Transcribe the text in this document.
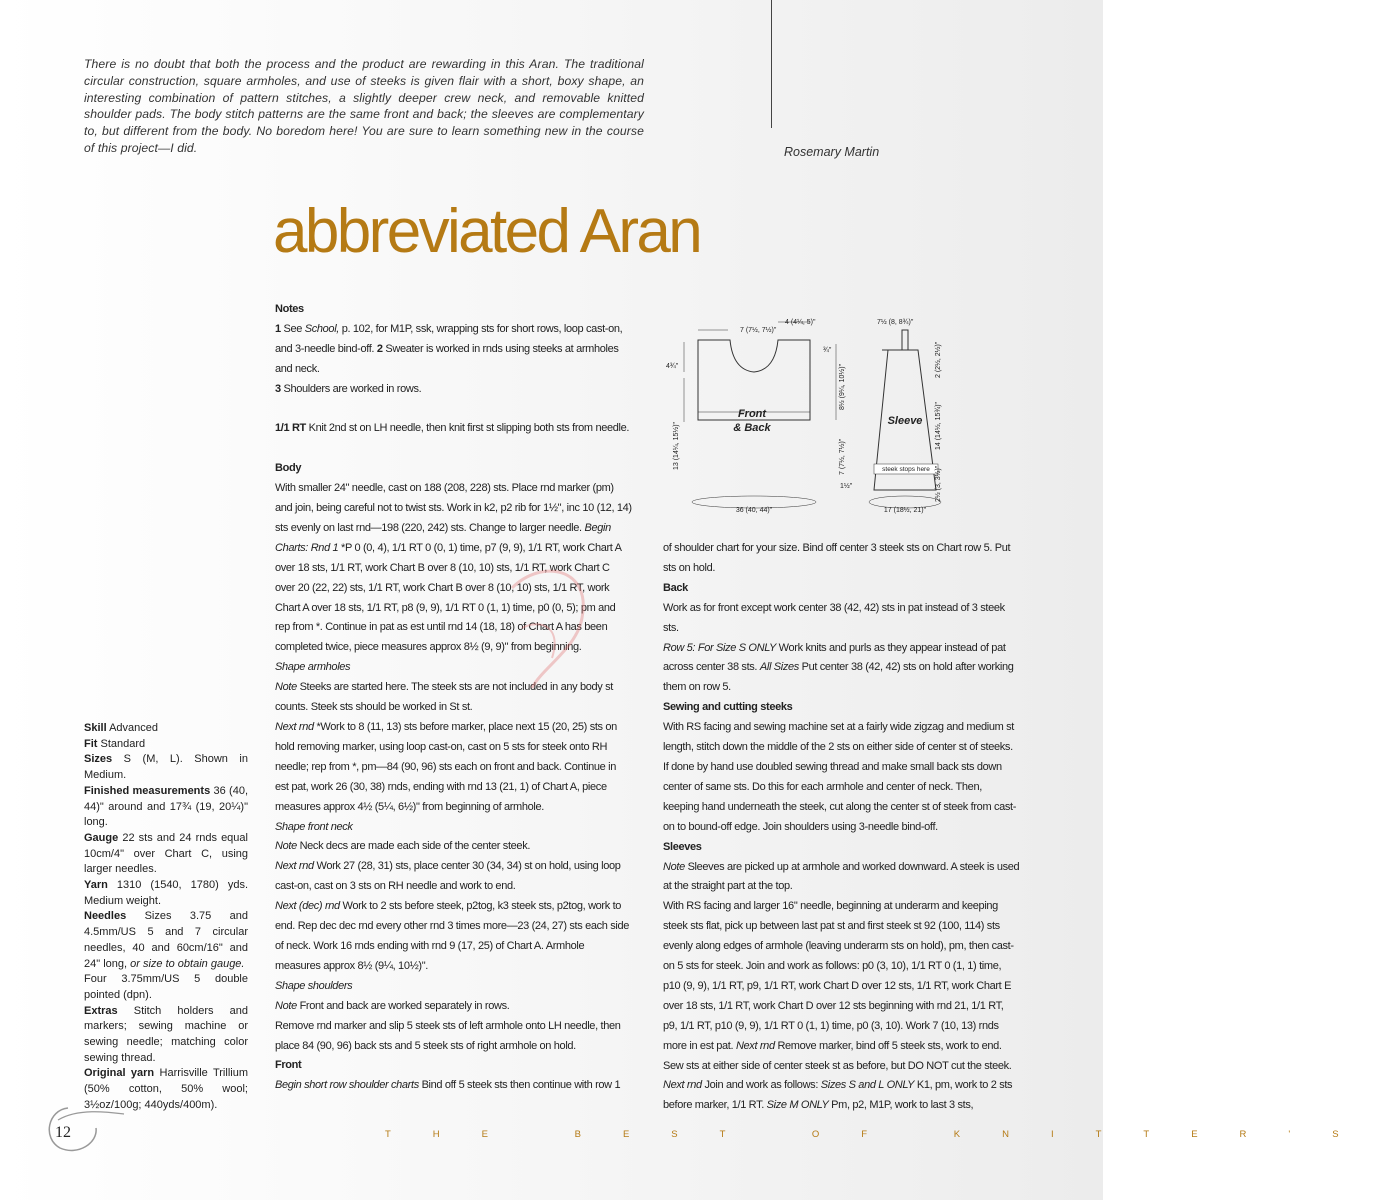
There is no doubt that both the process and the product are rewarding in this Aran. The traditional circular construction, square armholes, and use of steeks is given flair with a short, boxy shape, an interesting combination of pattern stitches, a slightly deeper crew neck, and removable knitted shoulder pads. The body stitch patterns are the same front and back; the sleeves are complementary to, but different from the body. No boredom here! You are sure to learn something new in the course of this project—I did.	Rosemary Martin
abbreviated Aran
Skill Advanced
Fit Standard
Sizes S (M, L). Shown in Medium.
Finished measurements 36 (40, 44)" around and 17¾ (19, 20¼)" long.
Gauge 22 sts and 24 rnds equal 10cm/4" over Chart C, using larger needles.
Yarn 1310 (1540, 1780) yds. Medium weight.
Needles Sizes 3.75 and 4.5mm/US 5 and 7 circular needles, 40 and 60cm/16" and 24" long, or size to obtain gauge.
Four 3.75mm/US 5 double pointed (dpn).
Extras Stitch holders and markers; sewing machine or sewing needle; matching color sewing thread.
Original yarn Harrisville Trillium (50% cotton, 50% wool; 3½oz/100g; 440yds/400m).

Notes

1 See School, p. 102, for M1P, ssk, wrapping sts for short rows, loop cast-on, and 3-needle bind-off. 2 Sweater is worked in rnds using steeks at armholes and neck.
3 Shoulders are worked in rows.

1/1 RT Knit 2nd st on LH needle, then knit first st slipping both sts from needle.

Body

With smaller 24" needle, cast on 188 (208, 228) sts. Place rnd marker (pm) and join, being careful not to twist sts. Work in k2, p2 rib for 1½", inc 10 (12, 14) sts evenly on last rnd—198 (220, 242) sts. Change to larger needle. Begin Charts: Rnd 1 *P 0 (0, 4), 1/1 RT 0 (0, 1) time, p7 (9, 9), 1/1 RT, work Chart A over 18 sts, 1/1 RT, work Chart B over 8 (10, 10) sts, 1/1 RT, work Chart C over 20 (22, 22) sts, 1/1 RT, work Chart B over 8 (10, 10) sts, 1/1 RT, work Chart A over 18 sts, 1/1 RT, p8 (9, 9), 1/1 RT 0 (1, 1) time, p0 (0, 5); pm and rep from *. Continue in pat as est until rnd 14 (18, 18) of Chart A has been completed twice, piece measures approx 8½ (9, 9)" from beginning.

Shape armholes

Note Steeks are started here. The steek sts are not included in any body st counts. Steek sts should be worked in St st.

Next rnd *Work to 8 (11, 13) sts before marker, place next 15 (20, 25) sts on hold removing marker, using loop cast-on, cast on 5 sts for steek onto RH needle; rep from *, pm—84 (90, 96) sts each on front and back. Continue in est pat, work 26 (30, 38) rnds, ending with rnd 13 (21, 1) of Chart A, piece measures approx 4½ (5¼, 6½)" from beginning of armhole.

Shape front neck

Note Neck decs are made each side of the center steek.

Next rnd Work 27 (28, 31) sts, place center 30 (34, 34) st on hold, using loop cast-on, cast on 3 sts on RH needle and work to end.

Next (dec) rnd Work to 2 sts before steek, p2tog, k3 steek sts, p2tog, work to end. Rep dec dec rnd every other rnd 3 times more—23 (24, 27) sts each side of neck. Work 16 rnds ending with rnd 9 (17, 25) of Chart A. Armhole measures approx 8½ (9¼, 10½)".

Shape shoulders

Note Front and back are worked separately in rows.

Remove rnd marker and slip 5 steek sts of left armhole onto LH needle, then place 84 (90, 96) back sts and 5 steek sts of right armhole on hold.

Front

Begin short row shoulder charts Bind off 5 steek sts then continue with row 1

of shoulder chart for your size. Bind off center 3 steek sts on Chart row 5. Put sts on hold.

Back

Work as for front except work center 38 (42, 42) sts in pat instead of 3 steek sts.

Row 5: For Size S ONLY Work knits and purls as they appear instead of pat across center 38 sts. All Sizes Put center 38 (42, 42) sts on hold after working them on row 5.

Sewing and cutting steeks

With RS facing and sewing machine set at a fairly wide zigzag and medium st length, stitch down the middle of the 2 sts on either side of center st of steeks. If done by hand use doubled sewing thread and make small back sts down center of same sts. Do this for each armhole and center of neck. Then, keeping hand underneath the steek, cut along the center st of steek from cast-on to bound-off edge. Join shoulders using 3-needle bind-off.

Sleeves

Note Sleeves are picked up at armhole and worked downward. A steek is used at the straight part at the top.

With RS facing and larger 16" needle, beginning at underarm and keeping steek sts flat, pick up between last pat st and first steek st 92 (100, 114) sts evenly along edges of armhole (leaving underarm sts on hold), pm, then cast-on 5 sts for steek. Join and work as follows: p0 (3, 10), 1/1 RT 0 (1, 1) time, p10 (9, 9), 1/1 RT, p9, 1/1 RT, work Chart D over 12 sts, 1/1 RT, work Chart E over 18 sts, 1/1 RT, work Chart D over 12 sts beginning with rnd 21, 1/1 RT, p9, 1/1 RT, p10 (9, 9), 1/1 RT 0 (1, 1) time, p0 (3, 10). Work 7 (10, 13) rnds more in est pat. Next rnd Remove marker, bind off 5 steek sts, work to end. Sew sts at either side of center steek st as before, but DO NOT cut the steek. Next rnd Join and work as follows: Sizes S and L ONLY K1, pm, work to 2 sts before marker, 1/1 RT. Size M ONLY Pm, p2, M1P, work to last 3 sts,

Front
& Back
7 (7½, 7½)"
4 (4¼, 5)"
4¾"
13 (14¼, 15½)"
¾"
8½ (9¼, 10½)"
7 (7½, 7½)"
1½"
36 (40, 44)"
Sleeve
steek stops here
7½ (8, 8¾)"
2 (2½, 2½)"
14 (14½, 15¾)"
2½ (3, 3½)"
17 (18½, 21)"
12	THE BEST OF KNITTER'S
